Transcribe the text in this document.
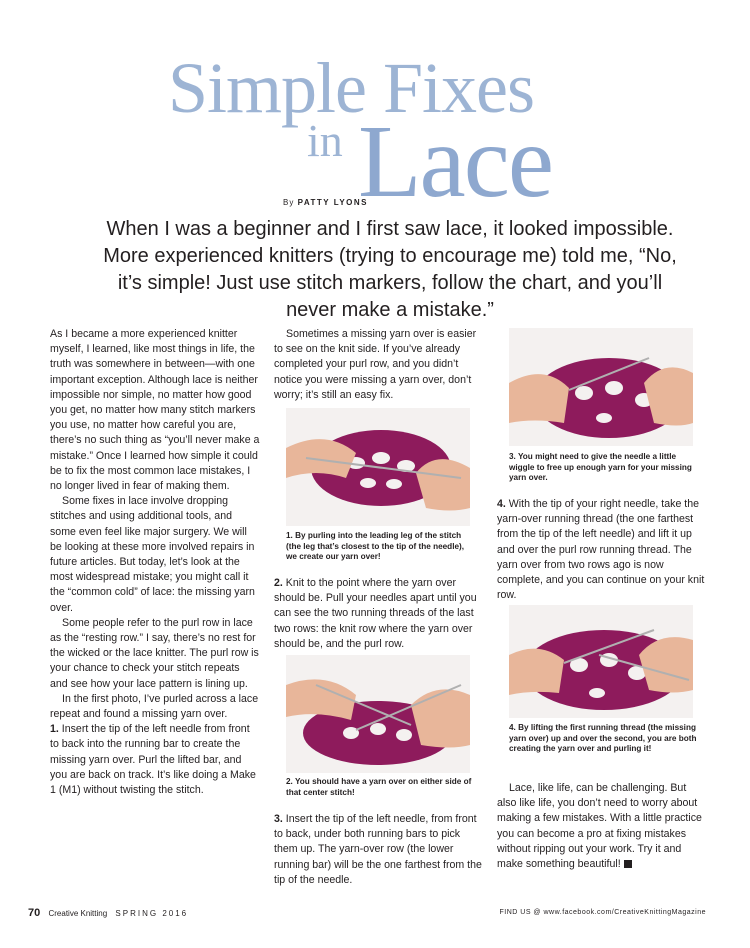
Simple Fixes
in Lace
By PATTY LYONS
When I was a beginner and I first saw lace, it looked impossible. More experienced knitters (trying to encourage me) told me, “No, it’s simple! Just use stitch markers, follow the chart, and you’ll never make a mistake.”

As I became a more experienced knitter myself, I learned, like most things in life, the truth was somewhere in between—with one important exception. Although lace is neither impossible nor simple, no matter how good you get, no matter how many stitch markers you use, no matter how careful you are, there’s no such thing as “you’ll never make a mistake.” Once I learned how simple it could be to fix the most common lace mistakes, I no longer lived in fear of making them.

Some fixes in lace involve dropping stitches and using additional tools, and some even feel like major surgery. We will be looking at these more involved repairs in future articles. But today, let’s look at the most widespread mistake; you might call it the “common cold” of lace: the missing yarn over.

Some people refer to the purl row in lace as the “resting row.” I say, there’s no rest for the wicked or the lace knitter. The purl row is your chance to check your stitch repeats and see how your lace pattern is lining up.

In the first photo, I’ve purled across a lace repeat and found a missing yarn over.

1. Insert the tip of the left needle from front to back into the running bar to create the missing yarn over. Purl the lifted bar, and you are back on track. It’s like doing a Make 1 (M1) without twisting the stitch.

Sometimes a missing yarn over is easier to see on the knit side. If you’ve already completed your purl row, and you didn’t notice you were missing a yarn over, don’t worry; it’s still an easy fix.

1. By purling into the leading leg of the stitch (the leg that’s closest to the tip of the needle), we create our yarn over!

2. Knit to the point where the yarn over should be. Pull your needles apart until you can see the two running threads of the last two rows: the knit row where the yarn over should be, and the purl row.

2. You should have a yarn over on either side of that center stitch!

3. Insert the tip of the left needle, from front to back, under both running bars to pick them up. The yarn-over row (the lower running bar) will be the one farthest from the tip of the needle.

3. You might need to give the needle a little wiggle to free up enough yarn for your missing yarn over.

4. With the tip of your right needle, take the yarn-over running thread (the one farthest from the tip of the left needle) and lift it up and over the purl row running thread. The yarn over from two rows ago is now complete, and you can continue on your knit row.

4. By lifting the first running thread (the missing yarn over) up and over the second, you are both creating the yarn over and purling it!

Lace, like life, can be challenging. But also like life, you don’t need to worry about making a few mistakes. With a little practice you can become a pro at fixing mistakes without ripping out your work. Try it and make something beautiful!

70 Creative Knitting SPRING 2016	FIND US @ www.facebook.com/CreativeKnittingMagazine
